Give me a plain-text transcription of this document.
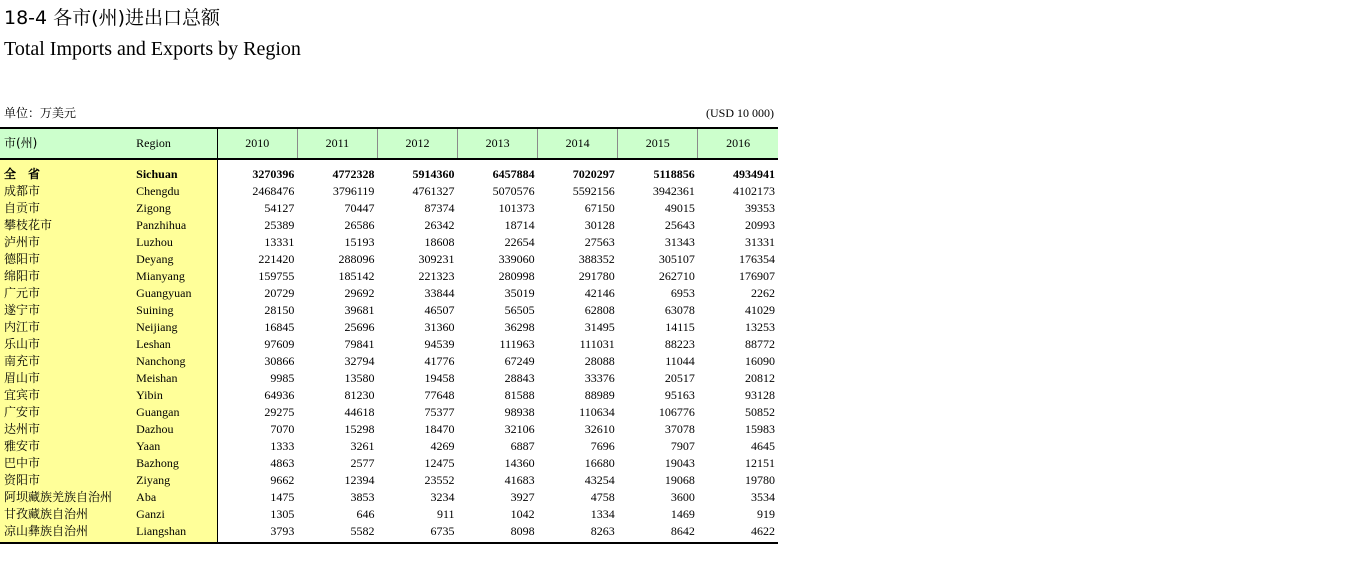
18-4 各市(州)进出口总额
Total Imports and Exports by Region
单位：万美元	(USD 10 000)
市(州)	Region	2010	2011	2012	2013	2014	2015	2016

全　省	Sichuan	3270396	4772328	5914360	6457884	7020297	5118856	4934941
成都市	Chengdu	2468476	3796119	4761327	5070576	5592156	3942361	4102173
自贡市	Zigong	54127	70447	87374	101373	67150	49015	39353
攀枝花市	Panzhihua	25389	26586	26342	18714	30128	25643	20993
泸州市	Luzhou	13331	15193	18608	22654	27563	31343	31331
德阳市	Deyang	221420	288096	309231	339060	388352	305107	176354
绵阳市	Mianyang	159755	185142	221323	280998	291780	262710	176907
广元市	Guangyuan	20729	29692	33844	35019	42146	6953	2262
遂宁市	Suining	28150	39681	46507	56505	62808	63078	41029
内江市	Neijiang	16845	25696	31360	36298	31495	14115	13253
乐山市	Leshan	97609	79841	94539	111963	111031	88223	88772
南充市	Nanchong	30866	32794	41776	67249	28088	11044	16090
眉山市	Meishan	9985	13580	19458	28843	33376	20517	20812
宜宾市	Yibin	64936	81230	77648	81588	88989	95163	93128
广安市	Guangan	29275	44618	75377	98938	110634	106776	50852
达州市	Dazhou	7070	15298	18470	32106	32610	37078	15983
雅安市	Yaan	1333	3261	4269	6887	7696	7907	4645
巴中市	Bazhong	4863	2577	12475	14360	16680	19043	12151
资阳市	Ziyang	9662	12394	23552	41683	43254	19068	19780
阿坝藏族羌族自治州	Aba	1475	3853	3234	3927	4758	3600	3534
甘孜藏族自治州	Ganzi	1305	646	911	1042	1334	1469	919
凉山彝族自治州	Liangshan	3793	5582	6735	8098	8263	8642	4622
